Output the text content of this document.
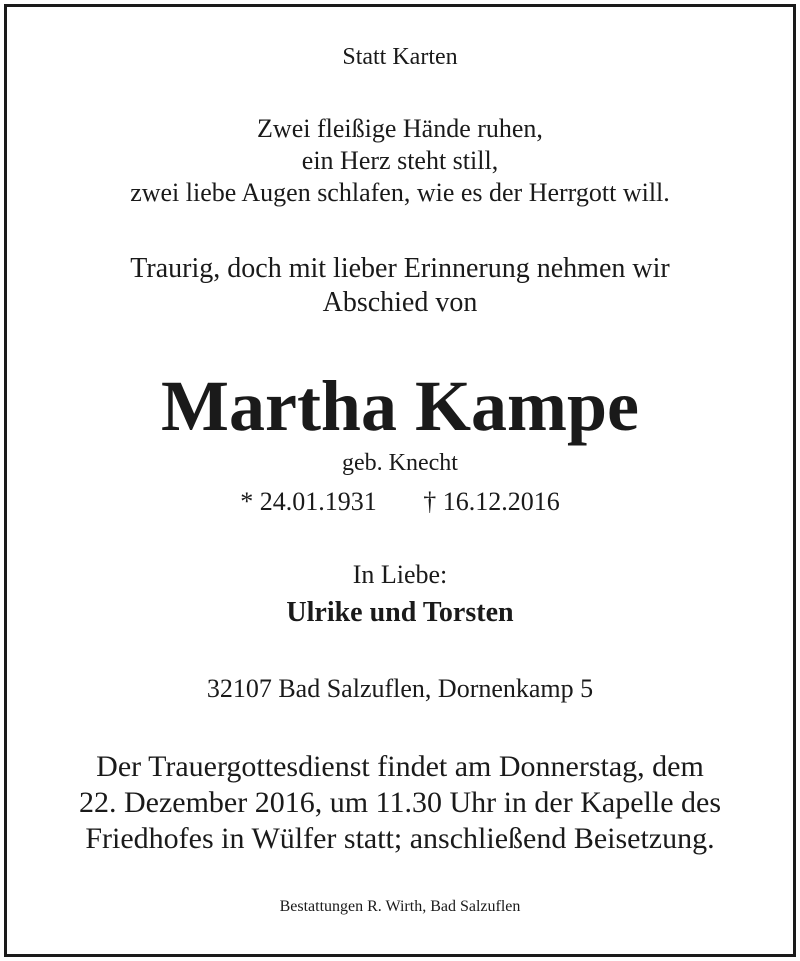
Statt Karten
Zwei fleißige Hände ruhen,
ein Herz steht still,
zwei liebe Augen schlafen, wie es der Herrgott will.
Traurig, doch mit lieber Erinnerung nehmen wir
Abschied von
Martha Kampe
geb. Knecht
* 24.01.1931 † 16.12.2016
In Liebe:
Ulrike und Torsten
32107 Bad Salzuflen, Dornenkamp 5
Der Trauergottesdienst findet am Donnerstag, dem
22. Dezember 2016, um 11.30 Uhr in der Kapelle des
Friedhofes in Wülfer statt; anschließend Beisetzung.
Bestattungen R. Wirth, Bad Salzuflen
